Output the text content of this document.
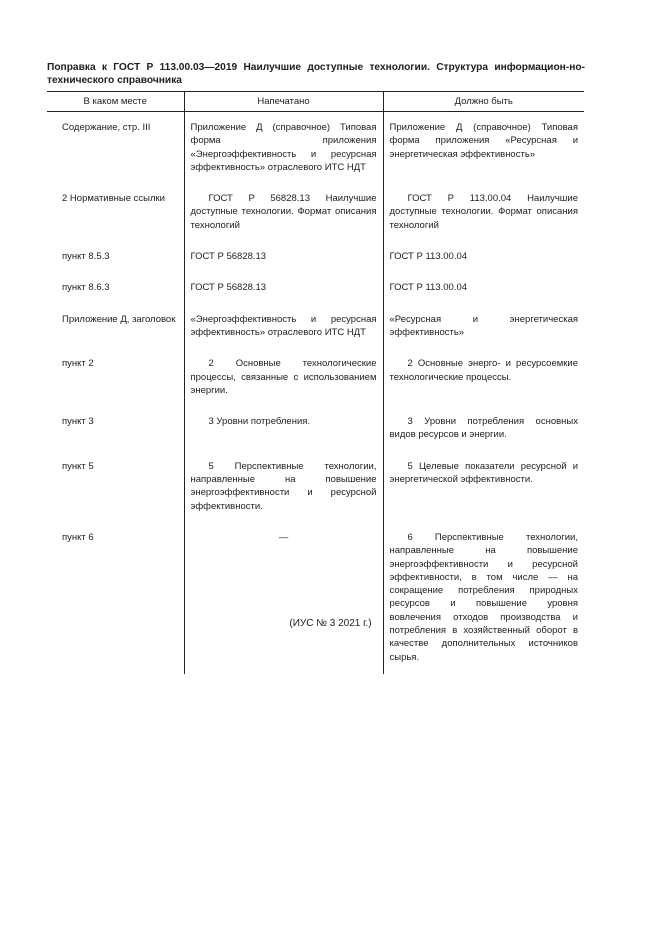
Поправка к ГОСТ Р 113.00.03—2019 Наилучшие доступные технологии. Структура информацион-но-технического справочника
В каком месте	Напечатано	Должно быть
Содержание, стр. III	Приложение Д (справочное) Типовая форма приложения «Энергоэффективность и ресурсная эффективность» отраслевого ИТС НДТ	Приложение Д (справочное) Типовая форма приложения «Ресурсная и энергетическая эффективность»
2 Нормативные ссылки	ГОСТ Р 56828.13 Наилучшие доступные технологии. Формат описания технологий	ГОСТ Р 113.00.04 Наилучшие доступные технологии. Формат описания технологий
пункт 8.5.3	ГОСТ Р 56828.13	ГОСТ Р 113.00.04
пункт 8.6.3	ГОСТ Р 56828.13	ГОСТ Р 113.00.04
Приложение Д, заголовок	«Энергоэффективность и ресурсная эффективность» отраслевого ИТС НДТ	«Ресурсная и энергетическая эффективность»
пункт 2	2 Основные технологические процессы, связанные с использованием энергии.	2 Основные энерго- и ресурсоемкие технологические процессы.
пункт 3	3 Уровни потребления.	3 Уровни потребления основных видов ресурсов и энергии.
пункт 5	5 Перспективные технологии, направленные на повышение энергоэффективности и ресурсной эффективности.	5 Целевые показатели ресурсной и энергетической эффективности.
пункт 6	—	6 Перспективные технологии, направленные на повышение энергоэффективности и ресурсной эффективности, в том числе — на сокращение потребления природных ресурсов и повышение уровня вовлечения отходов производства и потребления в хозяйственный оборот в качестве дополнительных источников сырья.
(ИУС № 3 2021 г.)
